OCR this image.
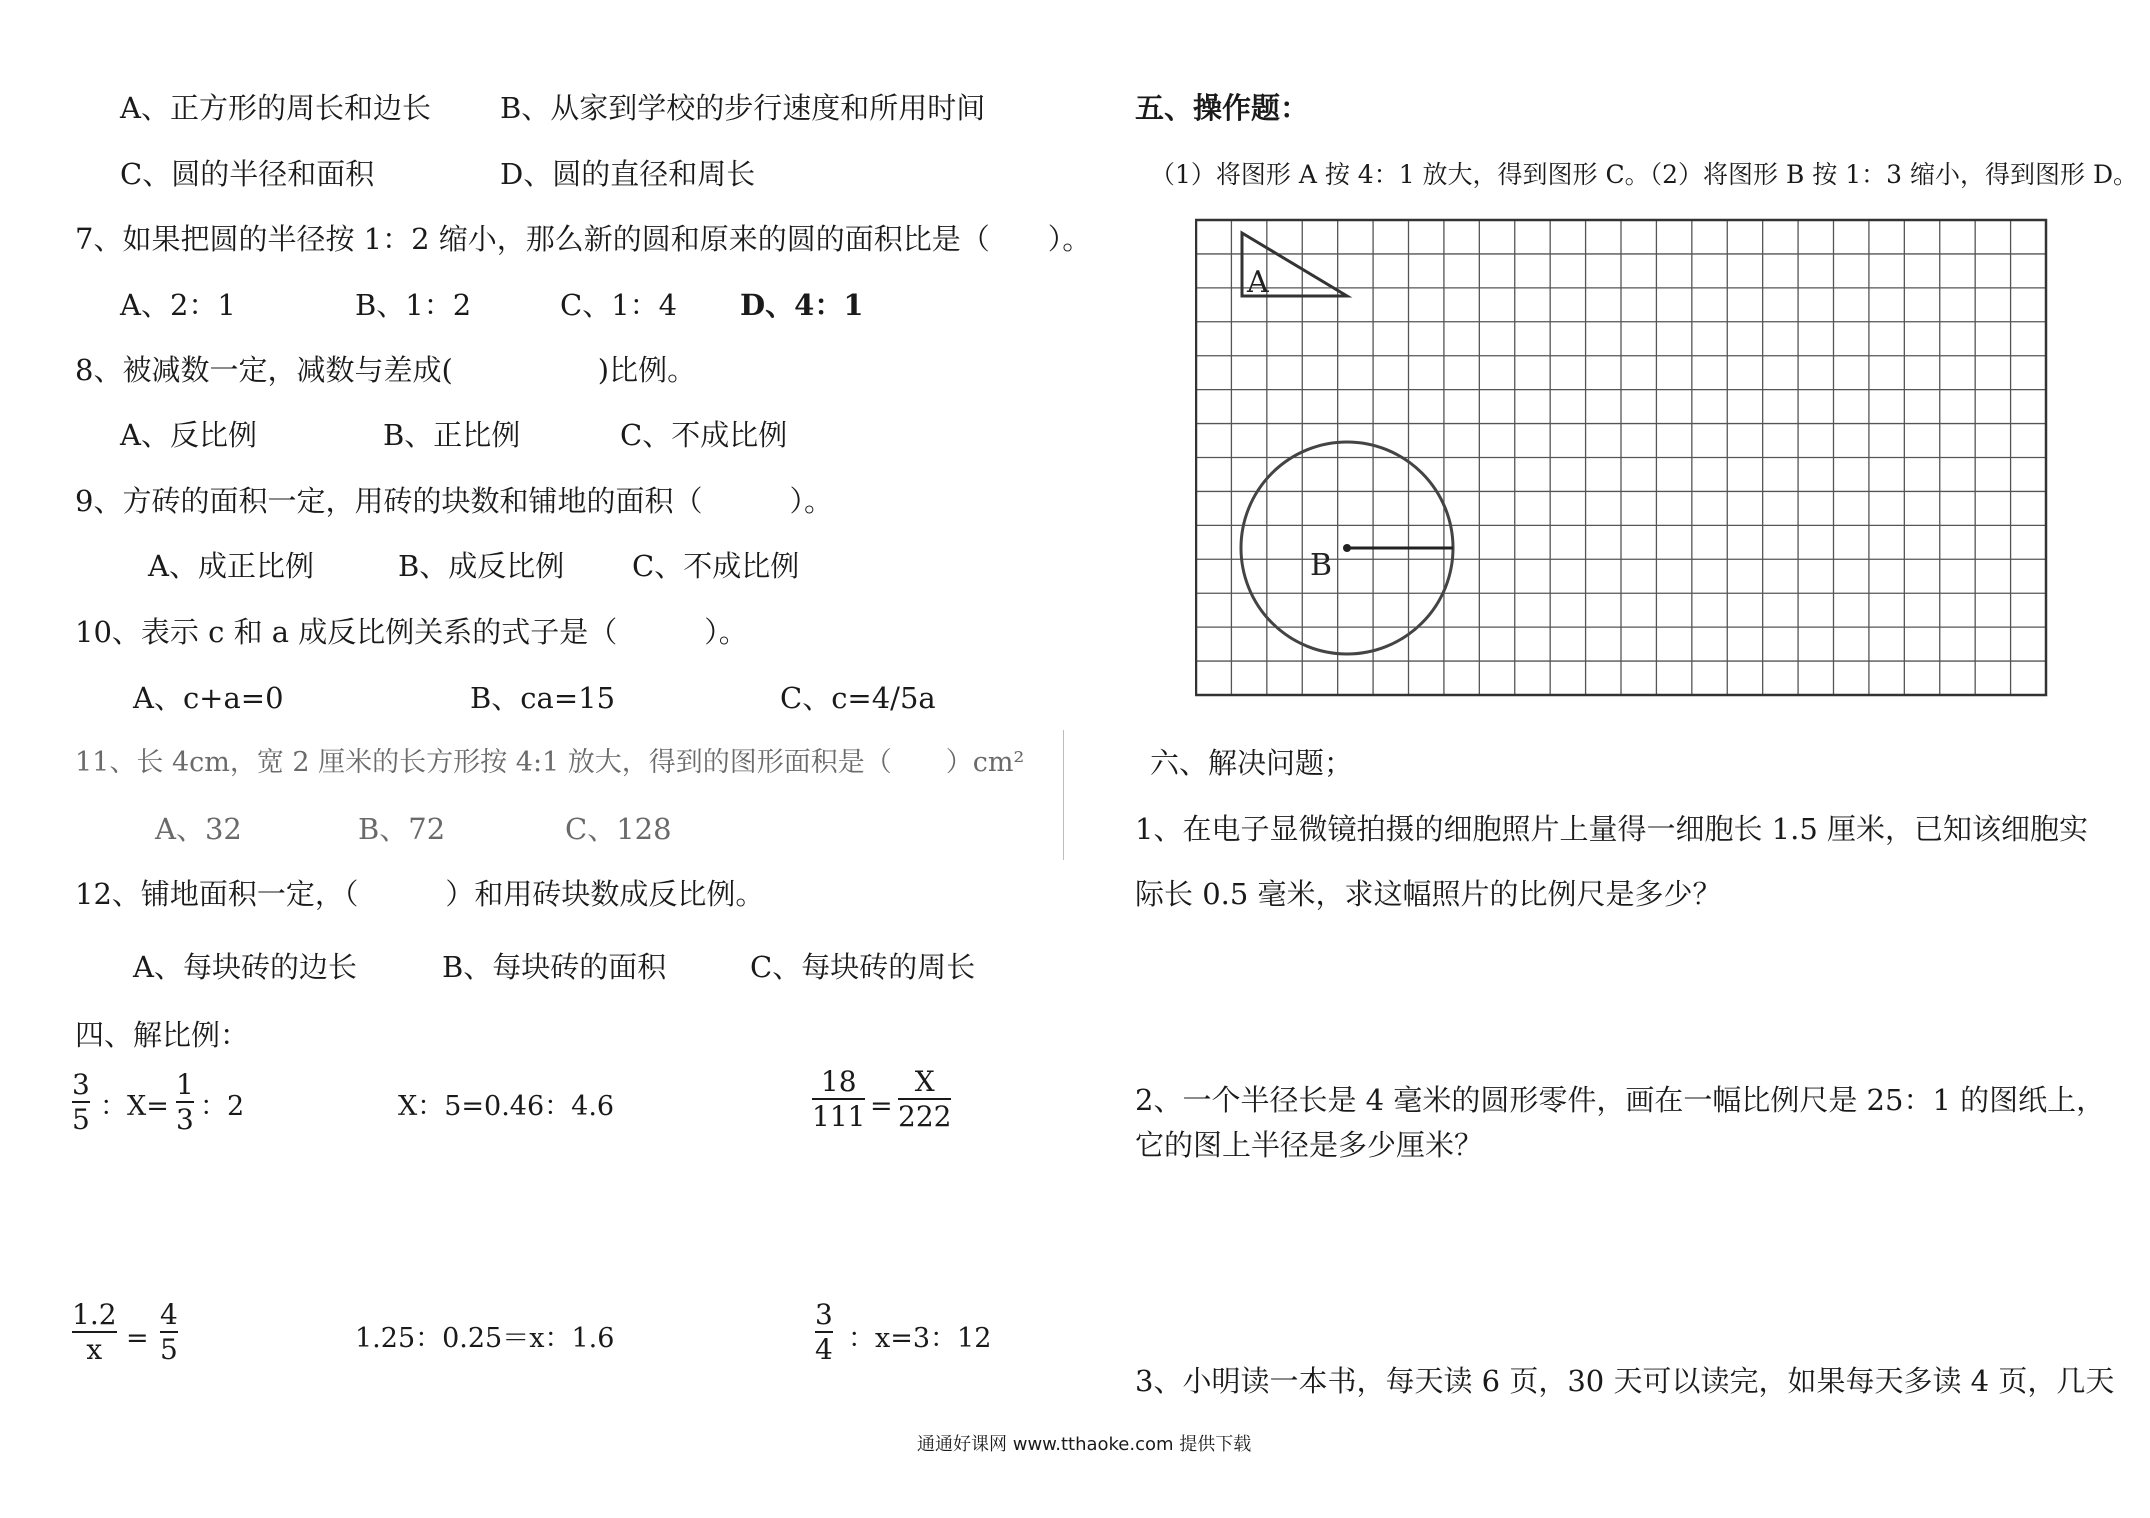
A、正方形的周长和边长 B、从家到学校的步行速度和所用时间
C、圆的半径和面积	D、圆的直径和周长
7、如果把圆的半径按 1：2 缩小，那么新的圆和原来的圆的面积比是（　　）。
A、2：1	B、1：2	C、1：4 D、4：1
8、被减数一定，减数与差成(　　　　　)比例。
A、反比例	B、正比例	C、不成比例
9、方砖的面积一定，用砖的块数和铺地的面积（　　　）。
A、成正比例	B、成反比例 C、不成比例
10、表示 c 和 a 成反比例关系的式子是（　　　）。
A、c+a=0	B、ca=15	C、c=4/5a
11、长 4cm，宽 2 厘米的长方形按 4:1 放大，得到的图形面积是（　　）cm²
A、32	B、72	C、128
12、铺地面积一定，（　　　）和用砖块数成反比例。
A、每块砖的边长	B、每块砖的面积	C、每块砖的周长
四、解比例：
3
5 ：X=
1
3 ：2	X：5=0.46：4.6
18
111 =
X
222
1.2
x =
4
5	1.25：0.25＝x：1.6
3
4 ：x=3：12
五、操作题：
（1）将图形 A 按 4：1 放大，得到图形 C。（2）将图形 B 按 1：3 缩小，得到图形 D。
A
B
六、解决问题；
1、在电子显微镜拍摄的细胞照片上量得一细胞长 1.5 厘米，已知该细胞实
际长 0.5 毫米，求这幅照片的比例尺是多少？
2、一个半径长是 4 毫米的圆形零件，画在一幅比例尺是 25：1 的图纸上，
它的图上半径是多少厘米？
3、小明读一本书，每天读 6 页，30 天可以读完，如果每天多读 4 页，几天
通通好课网 www.tthaoke.com 提供下载
